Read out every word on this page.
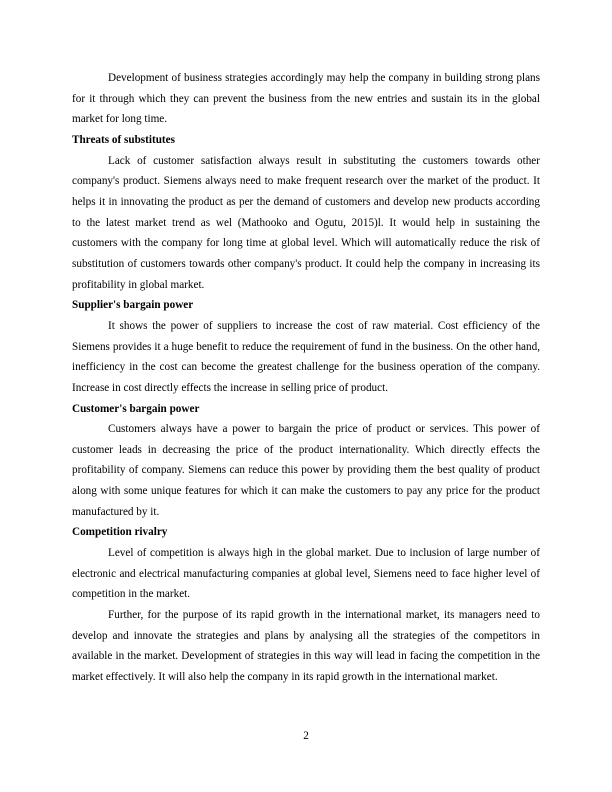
Development of business strategies accordingly may help the company in building strong plans for it through which they can prevent the business from the new entries and sustain its in the global market for long time.

Threats of substitutes

Lack of customer satisfaction always result in substituting the customers towards other company's product. Siemens always need to make frequent research over the market of the product. It helps it in innovating the product as per the demand of customers and develop new products according to the latest market trend as wel (Mathooko and Ogutu, 2015)l. It would help in sustaining the customers with the company for long time at global level. Which will automatically reduce the risk of substitution of customers towards other company's product. It could help the company in increasing its profitability in global market.

Supplier's bargain power

It shows the power of suppliers to increase the cost of raw material. Cost efficiency of the Siemens provides it a huge benefit to reduce the requirement of fund in the business. On the other hand, inefficiency in the cost can become the greatest challenge for the business operation of the company. Increase in cost directly effects the increase in selling price of product.

Customer's bargain power

Customers always have a power to bargain the price of product or services. This power of customer leads in decreasing the price of the product internationality. Which directly effects the profitability of company. Siemens can reduce this power by providing them the best quality of product along with some unique features for which it can make the customers to pay any price for the product manufactured by it.

Competition rivalry

Level of competition is always high in the global market. Due to inclusion of large number of electronic and electrical manufacturing companies at global level, Siemens need to face higher level of competition in the market.

Further, for the purpose of its rapid growth in the international market, its managers need to develop and innovate the strategies and plans by analysing all the strategies of the competitors in available in the market. Development of strategies in this way will lead in facing the competition in the market effectively. It will also help the company in its rapid growth in the international market.

2
